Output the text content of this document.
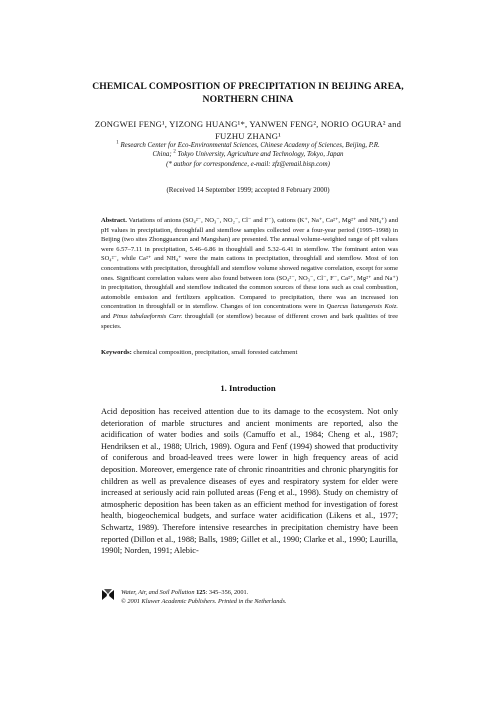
CHEMICAL COMPOSITION OF PRECIPITATION IN BEIJING AREA,
NORTHERN CHINA
ZONGWEI FENG¹, YIZONG HUANG¹*, YANWEN FENG², NORIO OGURA² and
FUZHU ZHANG¹
$^1$ Research Center for Eco-Environmental Sciences, Chinese Academy of Sciences, Beijing, P.R.
China; $^2$ Tokyo University, Agriculture and Technology, Tokyo, Japan
(* author for correspondence, e-mail: zfz@email.bisp.com)
(Received 14 September 1999; accepted 8 February 2000)
Abstract. Variations of anions (SO₄²⁻, NO₃⁻, NO₂⁻, Cl⁻ and F⁻), cations (K⁺, Na⁺, Ca²⁺, Mg²⁺ and NH₄⁺) and pH values in precipitation, throughfall and stemflow samples collected over a four-year period (1995–1998) in Beijing (two sites Zhongguancun and Mangshan) are presented. The annual volume-weighted range of pH values were 6.57–7.11 in precipitation, 5.46–6.86 in thoughfall and 5.32–6.41 in stemflow. The fominant anion was SO₄²⁻, while Ca²⁺ and NH₄⁺ were the main cations in precipitation, throughfall and stemflow. Most of ion concentrations with precipitation, throughfall and stemflow volume showed negative correlation, except for some ones. Significant correlation values were also found between ions (SO₄²⁻, NO₃⁻, Cl⁻, F⁻, Ca²⁺, Mg²⁺ and Na⁺) in precipitation, throughfall and stemflow indicated the common sources of these ions such as coal combustion, automobile emission and fertilizers application. Compared to precipitation, there was an increased ion concentration in throughfall or in stemflow. Changes of ion concentrations were in Quercus liatungensis Koiz. and Pinus tabulaeformis Carr. throughfall (or stemflow) because of different crown and bark qualities of tree species.
Keywords: chemical composition, precipitation, small forested catchment
1. Introduction
Acid deposition has received attention due to its damage to the ecosystem. Not only deterioration of marble structures and ancient moniments are reported, also the acidification of water bodies and soils (Camuffo et al., 1984; Cheng et al., 1987; Hendriksen et al., 1988; Ulrich, 1989). Ogura and Fenf (1994) showed that productivity of coniferous and broad-leaved trees were lower in high frequency areas of acid deposition. Moreover, emergence rate of chronic rinoantrities and chronic pharyngitis for children as well as prevalence diseases of eyes and respiratory system for elder were increased at seriously acid rain polluted areas (Feng et al., 1998). Study on chemistry of atmospheric deposition has been taken as an efficient method for investigation of forest health, biogeochemical budgets, and surface water acidification (Likens et al., 1977; Schwartz, 1989). Therefore intensive researches in precipitation chemistry have been reported (Dillon et al., 1988; Balls, 1989; Gillet et al., 1990; Clarke et al., 1990; Laurilla, 1990l; Norden, 1991; Alebic-
Water, Air, and Soil Pollution 125: 345–356, 2001.
© 2001 Kluwer Academic Publishers. Printed in the Netherlands.
